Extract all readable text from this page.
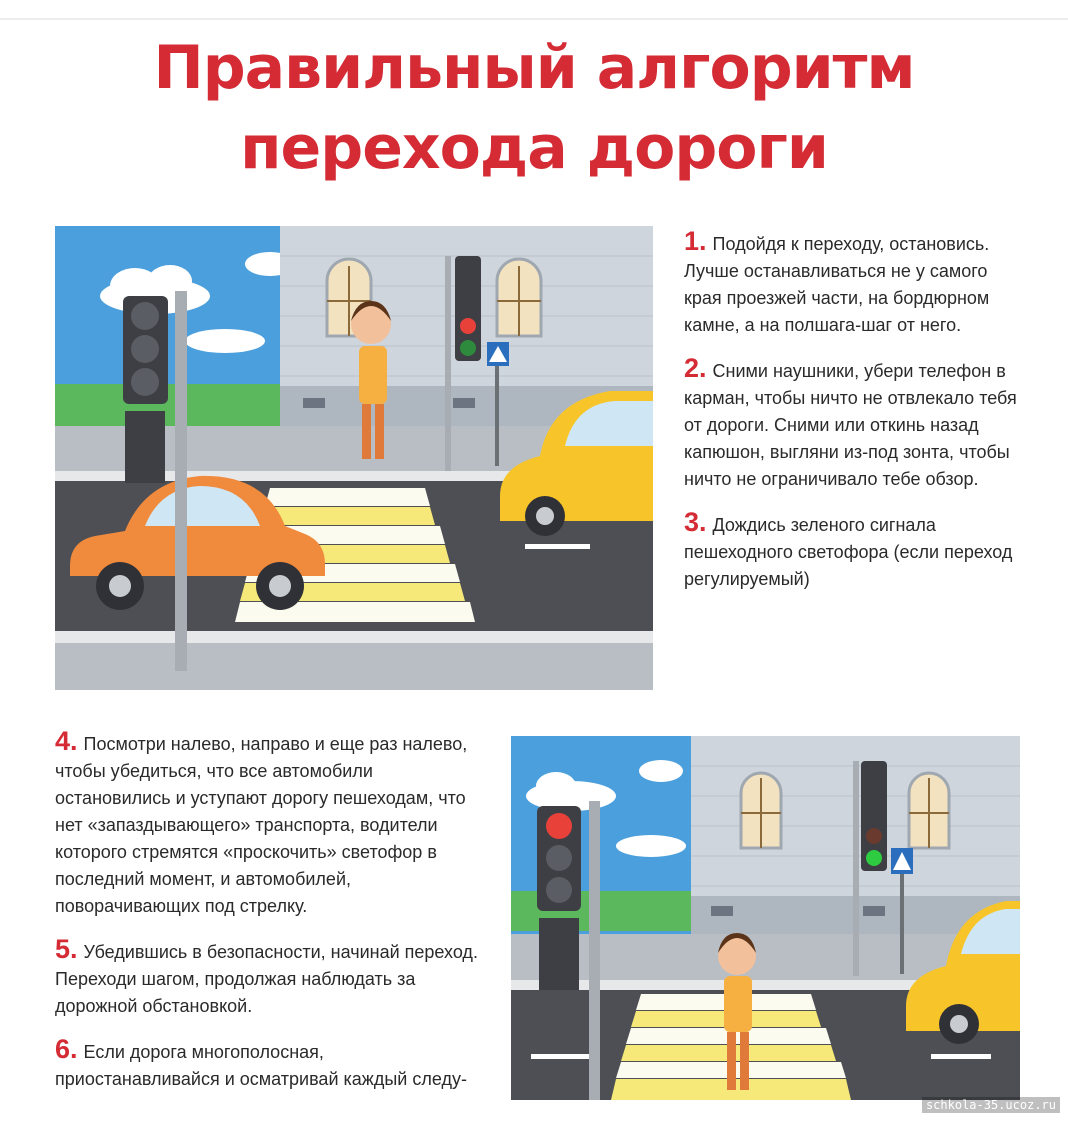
Правильный алгоритм
перехода дороги

1. Подойдя к переходу, остановись. Лучше останавливаться не у самого края проезжей части, на бордюрном камне, а на полшага-шаг от него.

2. Сними наушники, убери телефон в карман, чтобы ничто не отвлекало тебя от дороги. Сними или откинь назад капюшон, выгляни из-под зонта, чтобы ничто не ограничивало тебе обзор.

3. Дождись зеленого сигнала пешеходного светофора (если переход регулируемый)

4. Посмотри налево, направо и еще раз налево, чтобы убедиться, что все автомобили остановились и уступают дорогу пешеходам, что нет «запаздывающего» транспорта, водители которого стремятся «проскочить» светофор в последний момент, и автомобилей, поворачивающих под стрелку.

5. Убедившись в безопасности, начинай переход. Переходи шагом, продолжая наблюдать за дорожной обстановкой.

6. Если дорога многополосная, приостанавливайся и осматривай каждый следу-

schkola-35.ucoz.ru
